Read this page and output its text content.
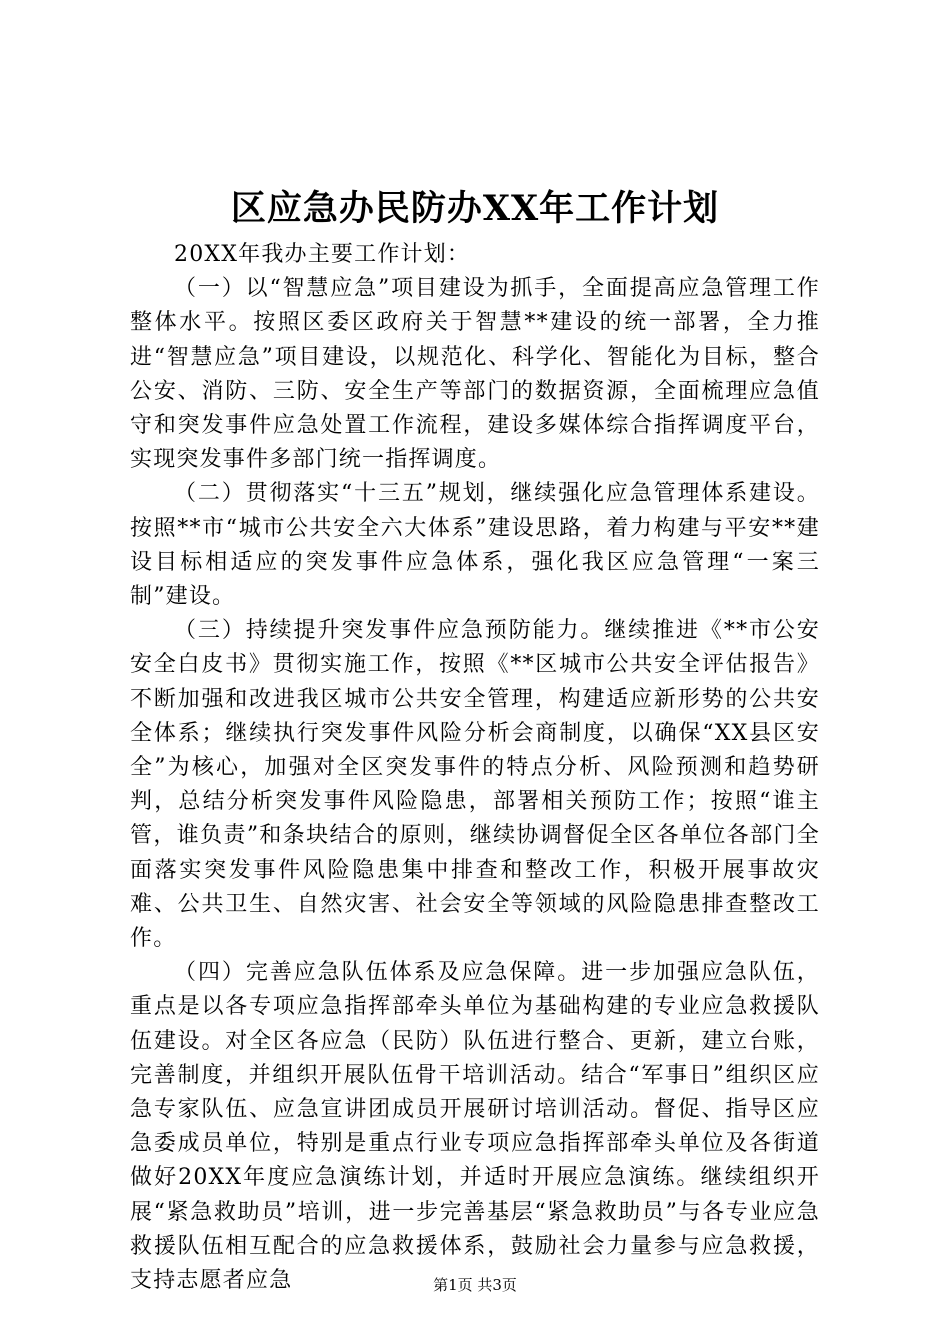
区应急办民防办XX年工作计划

20XX年我办主要工作计划：

（一）以“智慧应急”项目建设为抓手，全面提高应急管理工作整体水平。按照区委区政府关于智慧**建设的统一部署，全力推进“智慧应急”项目建设，以规范化、科学化、智能化为目标，整合公安、消防、三防、安全生产等部门的数据资源，全面梳理应急值守和突发事件应急处置工作流程，建设多媒体综合指挥调度平台，实现突发事件多部门统一指挥调度。

（二）贯彻落实“十三五”规划，继续强化应急管理体系建设。按照**市“城市公共安全六大体系”建设思路，着力构建与平安**建设目标相适应的突发事件应急体系，强化我区应急管理“一案三制”建设。

（三）持续提升突发事件应急预防能力。继续推进《**市公安安全白皮书》贯彻实施工作，按照《**区城市公共安全评估报告》不断加强和改进我区城市公共安全管理，构建适应新形势的公共安全体系；继续执行突发事件风险分析会商制度，以确保“XX县区安全”为核心，加强对全区突发事件的特点分析、风险预测和趋势研判，总结分析突发事件风险隐患，部署相关预防工作；按照“谁主管，谁负责”和条块结合的原则，继续协调督促全区各单位各部门全面落实突发事件风险隐患集中排查和整改工作，积极开展事故灾难、公共卫生、自然灾害、社会安全等领域的风险隐患排查整改工作。

（四）完善应急队伍体系及应急保障。进一步加强应急队伍，重点是以各专项应急指挥部牵头单位为基础构建的专业应急救援队伍建设。对全区各应急（民防）队伍进行整合、更新，建立台账，完善制度，并组织开展队伍骨干培训活动。结合“军事日”组织区应急专家队伍、应急宣讲团成员开展研讨培训活动。督促、指导区应急委成员单位，特别是重点行业专项应急指挥部牵头单位及各街道做好20XX年度应急演练计划，并适时开展应急演练。继续组织开展“紧急救助员”培训，进一步完善基层“紧急救助员”与各专业应急救援队伍相互配合的应急救援体系，鼓励社会力量参与应急救援，支持志愿者应急	第1页 共3页
